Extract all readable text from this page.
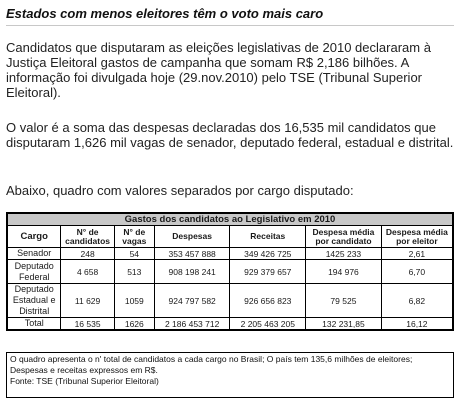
Estados com menos eleitores têm o voto mais caro

Candidatos que disputaram as eleições legislativas de 2010 declararam à Justiça Eleitoral gastos de campanha que somam R$ 2,186 bilhões. A informação foi divulgada hoje (29.nov.2010) pelo TSE (Tribunal Superior Eleitoral).

O valor é a soma das despesas declaradas dos 16,535 mil candidatos que disputaram 1,626 mil vagas de senador, deputado federal, estadual e distrital.

Abaixo, quadro com valores separados por cargo disputado:

Gastos dos candidatos ao Legislativo em 2010						
Cargo	N° de candidatos	N° de vagas	Despesas	Receitas	Despesa média por candidato	Despesa média por eleitor
Senador	248	54	353 457 888	349 426 725	1425 233	2,61
Deputado Federal	4 658	513	908 198 241	929 379 657	194 976	6,70
Deputado Estadual e Distrital	11 629	1059	924 797 582	926 656 823	79 525	6,82
Total	16 535	1626	2 186 453 712	2 205 463 205	132 231,85	16,12
O quadro apresenta o n' total de candidatos a cada cargo no Brasil; O país tem 135,6 milhões de eleitores; Despesas e receitas expressos em R$.
Fonte: TSE (Tribunal Superior Eleitoral)
